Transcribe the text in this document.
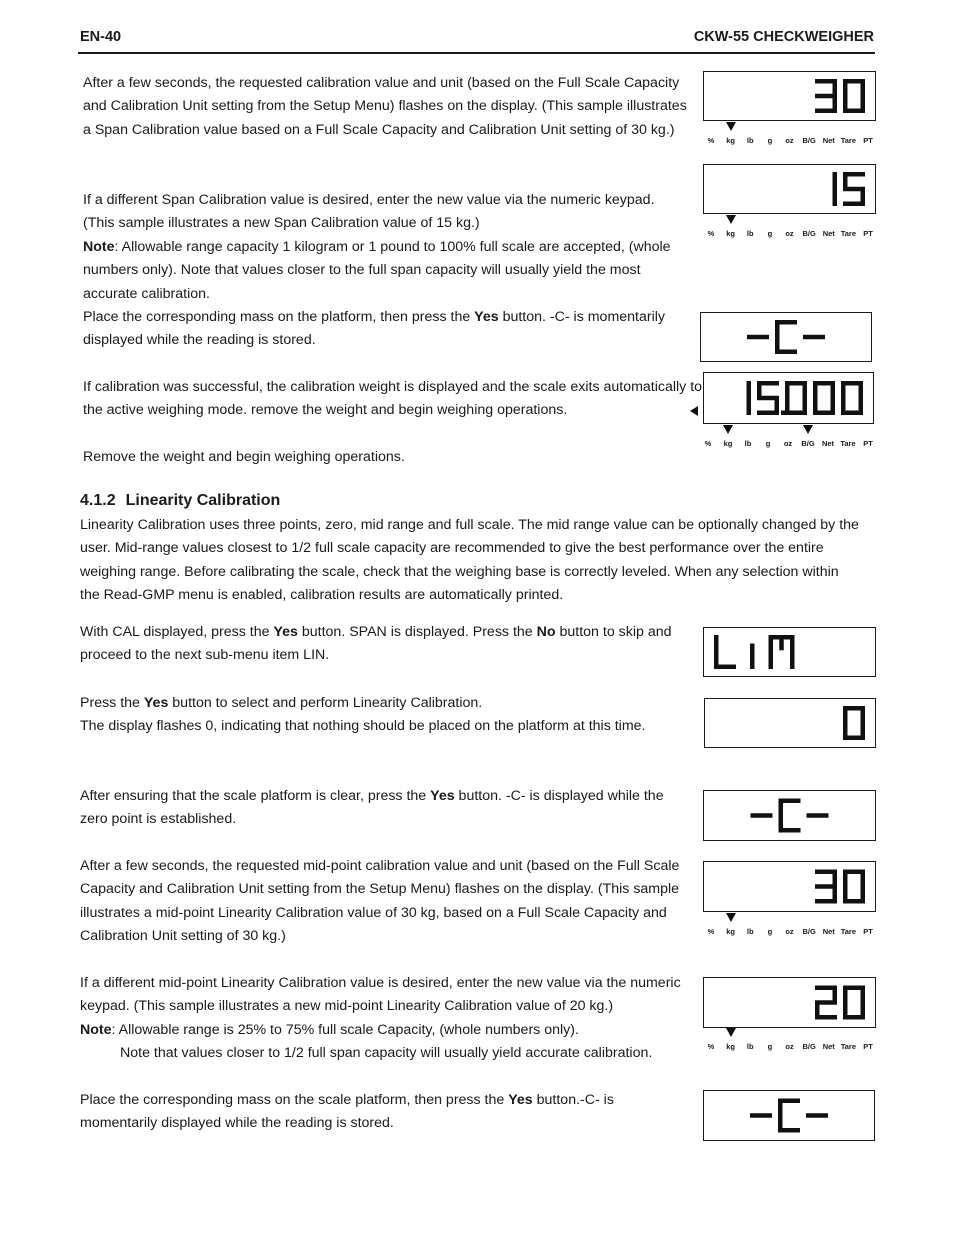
EN-40	CKW-55 CHECKWEIGHER

After a few seconds, the requested calibration value and unit (based on the Full Scale Capacity and Calibration Unit setting from the Setup Menu) flashes on the display. (This sample illustrates a Span Calibration value based on a Full Scale Capacity and Calibration Unit setting of 30 kg.)

If a different Span Calibration value is desired, enter the new value via the numeric keypad. (This sample illustrates a new Span Calibration value of 15 kg.)
Note: Allowable range capacity 1 kilogram or 1 pound to 100% full scale are accepted, (whole numbers only). Note that values closer to the full span capacity will usually yield the most accurate calibration.

Place the corresponding mass on the platform, then press the Yes button. -C- is momentarily displayed while the reading is stored.

If calibration was successful, the calibration weight is displayed and the scale exits automatically to the active weighing mode. remove the weight and begin weighing operations.

Remove the weight and begin weighing operations.

4.1.2 Linearity Calibration

Linearity Calibration uses three points, zero, mid range and full scale. The mid range value can be optionally changed by the user. Mid-range values closest to 1/2 full scale capacity are recommended to give the best performance over the entire weighing range. Before calibrating the scale, check that the weighing base is correctly leveled. When any selection within the Read-GMP menu is enabled, calibration results are automatically printed.

With CAL displayed, press the Yes button. SPAN is displayed. Press the No button to skip and proceed to the next sub-menu item LIN.

Press the Yes button to select and perform Linearity Calibration.
The display flashes 0, indicating that nothing should be placed on the platform at this time.

After ensuring that the scale platform is clear, press the Yes button. -C- is displayed while the zero point is established.

After a few seconds, the requested mid-point calibration value and unit (based on the Full Scale Capacity and Calibration Unit setting from the Setup Menu) flashes on the display. (This sample illustrates a mid-point Linearity Calibration value of 30 kg, based on a Full Scale Capacity and Calibration Unit setting of 30 kg.)

If a different mid-point Linearity Calibration value is desired, enter the new value via the numeric keypad. (This sample illustrates a new mid-point Linearity Calibration value of 20 kg.)
Note: Allowable range is 25% to 75% full scale Capacity, (whole numbers only).
Note that values closer to 1/2 full span capacity will usually yield accurate calibration.

Place the corresponding mass on the scale platform, then press the Yes button.-C- is momentarily displayed while the reading is stored.

%	kg	lb	g	oz	B/G Net Tare PT
%	kg	lb	g	oz	B/G Net Tare PT
%	kg	lb	g	oz	B/G Net Tare	PT
%	kg	lb	g	oz	B/G Net Tare PT
%	kg	lb	g	oz	B/G Net Tare PT
